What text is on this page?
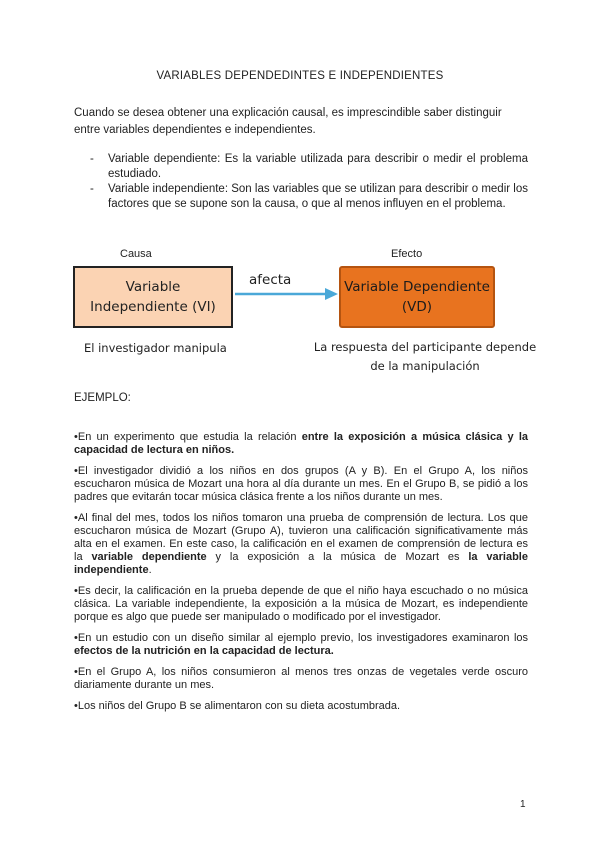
VARIABLES DEPENDEDINTES E INDEPENDIENTES
Cuando se desea obtener una explicación causal, es imprescindible saber distinguir entre variables dependientes e independientes.
- Variable dependiente: Es la variable utilizada para describir o medir el problema estudiado.
- Variable independiente: Son las variables que se utilizan para describir o medir los factores que se supone son la causa, o que al menos influyen en el problema.
Causa	Efecto
Variable
Independiente (VI)
afecta	Variable Dependiente
(VD)
El investigador manipula	La respuesta del participante depende
de la manipulación
EJEMPLO:

•En un experimento que estudia la relación entre la exposición a música clásica y la capacidad de lectura en niños.

•El investigador dividió a los niños en dos grupos (A y B). En el Grupo A, los niños escucharon música de Mozart una hora al día durante un mes. En el Grupo B, se pidió a los padres que evitarán tocar música clásica frente a los niños durante un mes.

•Al final del mes, todos los niños tomaron una prueba de comprensión de lectura. Los que escucharon música de Mozart (Grupo A), tuvieron una calificación significativamente más alta en el examen. En este caso, la calificación en el examen de comprensión de lectura es la variable dependiente y la exposición a la música de Mozart es la variable independiente.

•Es decir, la calificación en la prueba depende de que el niño haya escuchado o no música clásica. La variable independiente, la exposición a la música de Mozart, es independiente porque es algo que puede ser manipulado o modificado por el investigador.

•En un estudio con un diseño similar al ejemplo previo, los investigadores examinaron los efectos de la nutrición en la capacidad de lectura.

•En el Grupo A, los niños consumieron al menos tres onzas de vegetales verde oscuro diariamente durante un mes.

•Los niños del Grupo B se alimentaron con su dieta acostumbrada.

1
